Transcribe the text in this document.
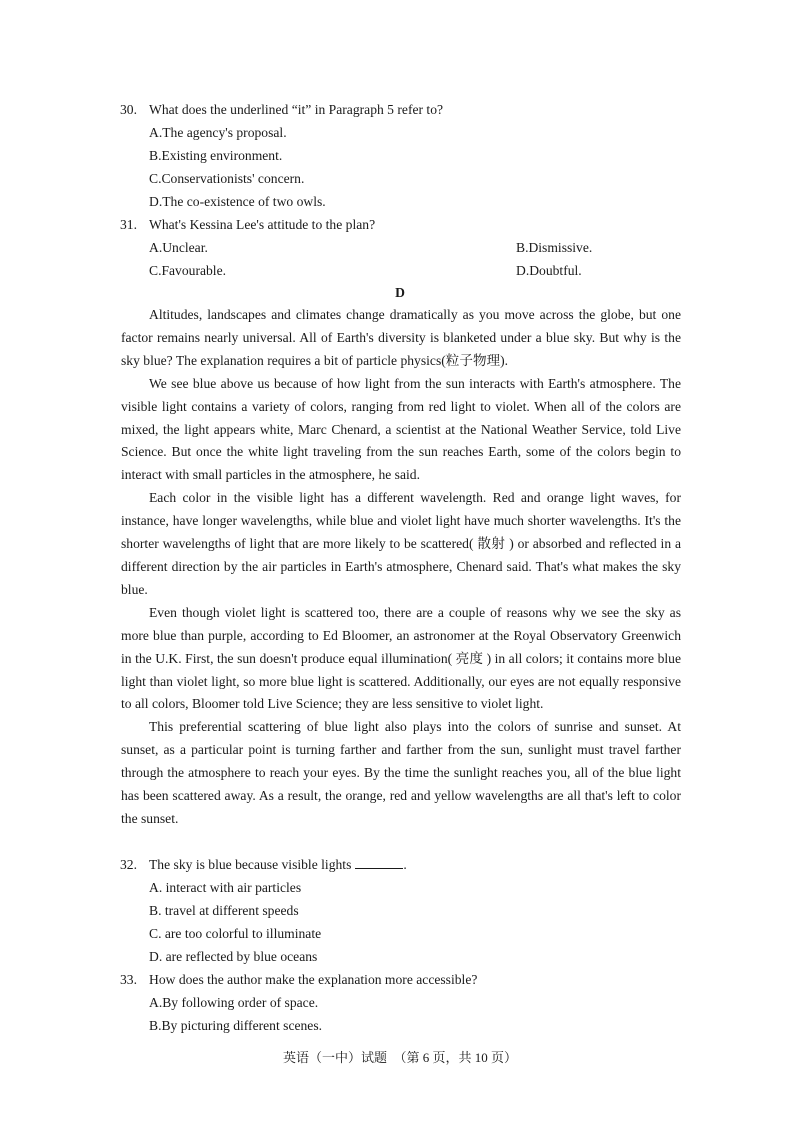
30. What does the underlined “it” in Paragraph 5 refer to?
A.The agency's proposal.
B.Existing environment.
C.Conservationists' concern.
D.The co-existence of two owls.
31. What's Kessina Lee's attitude to the plan?
A.Unclear.	B.Dismissive.
C.Favourable.	D.Doubtful.
D

Altitudes, landscapes and climates change dramatically as you move across the globe, but one factor remains nearly universal. All of Earth's diversity is blanketed under a blue sky. But why is the sky blue? The explanation requires a bit of particle physics(粒子物理).

We see blue above us because of how light from the sun interacts with Earth's atmosphere. The visible light contains a variety of colors, ranging from red light to violet. When all of the colors are mixed, the light appears white, Marc Chenard, a scientist at the National Weather Service, told Live Science. But once the white light traveling from the sun reaches Earth, some of the colors begin to interact with small particles in the atmosphere, he said.

Each color in the visible light has a different wavelength. Red and orange light waves, for instance, have longer wavelengths, while blue and violet light have much shorter wavelengths. It's the shorter wavelengths of light that are more likely to be scattered( 散射 ) or absorbed and reflected in a different direction by the air particles in Earth's atmosphere, Chenard said. That's what makes the sky blue.

Even though violet light is scattered too, there are a couple of reasons why we see the sky as more blue than purple, according to Ed Bloomer, an astronomer at the Royal Observatory Greenwich in the U.K. First, the sun doesn't produce equal illumination( 亮度 ) in all colors; it contains more blue light than violet light, so more blue light is scattered. Additionally, our eyes are not equally responsive to all colors, Bloomer told Live Science; they are less sensitive to violet light.

This preferential scattering of blue light also plays into the colors of sunrise and sunset. At sunset, as a particular point is turning farther and farther from the sun, sunlight must travel farther through the atmosphere to reach your eyes. By the time the sunlight reaches you, all of the blue light has been scattered away. As a result, the orange, red and yellow wavelengths are all that's left to color the sunset.

32. The sky is blue because visible lights	.
A. interact with air particles
B. travel at different speeds
C. are too colorful to illuminate
D. are reflected by blue oceans
33. How does the author make the explanation more accessible?
A.By following order of space.
B.By picturing different scenes.
英语（一中）试题　（第 6 页，共 10 页）
